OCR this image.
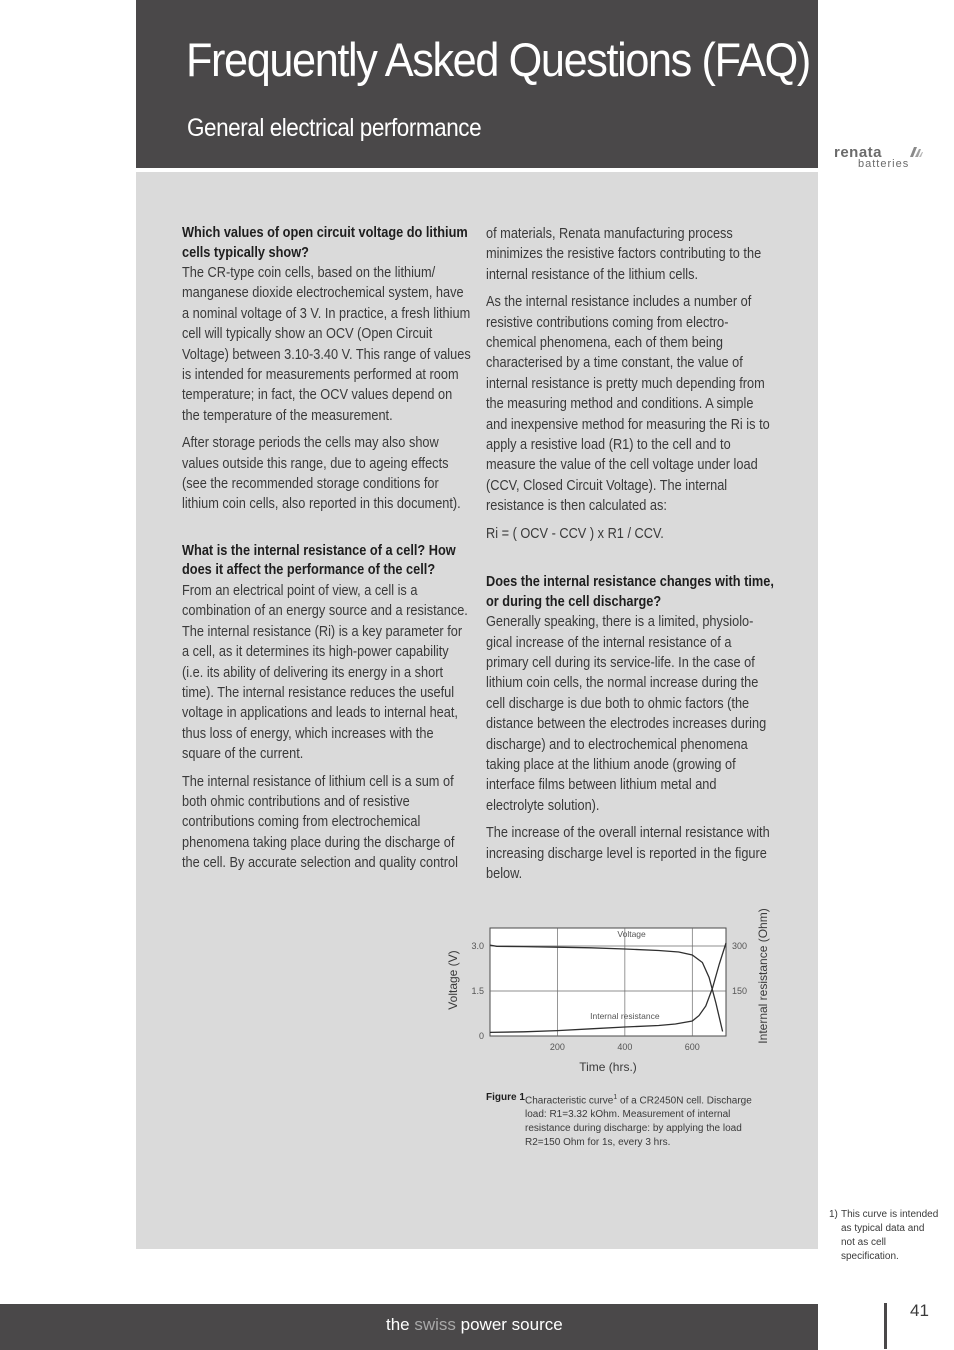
Frequently Asked Questions (FAQ)
General electrical performance
renata
batteries
Which values of open circuit voltage do lithium cells typically show?

The CR-type coin cells, based on the lithium/ manganese dioxide electrochemical system, have a nominal voltage of 3 V. In practice, a fresh lithium cell will typically show an OCV (Open Circuit Voltage) between 3.10-3.40 V. This range of values is intended for measurements performed at room temperature; in fact, the OCV values depend on the temperature of the measurement.

After storage periods the cells may also show values outside this range, due to ageing effects (see the recommended storage conditions for lithium coin cells, also reported in this document).

What is the internal resistance of a cell? How does it affect the performance of the cell?

From an electrical point of view, a cell is a combination of an energy source and a resistance. The internal resistance (Ri) is a key parameter for a cell, as it determines its high-power capability (i.e. its ability of delivering its energy in a short time). The internal resistance reduces the useful voltage in applications and leads to internal heat, thus loss of energy, which increases with the square of the current.

The internal resistance of lithium cell is a sum of both ohmic contributions and of resistive contributions coming from electrochemical phenomena taking place during the discharge of the cell. By accurate selection and quality control

of materials, Renata manufacturing process minimizes the resistive factors contributing to the internal resistance of the lithium cells.

As the internal resistance includes a number of resistive contributions coming from electro-chemical phenomena, each of them being characterised by a time constant, the value of internal resistance is pretty much depending from the measuring method and conditions. A simple and inexpensive method for measuring the Ri is to apply a resistive load (R1) to the cell and to measure the value of the cell voltage under load (CCV, Closed Circuit Voltage). The internal resistance is then calculated as:

Ri = ( OCV - CCV ) x R1 / CCV.

Does the internal resistance changes with time, or during the cell discharge?

Generally speaking, there is a limited, physiolo-gical increase of the internal resistance of a primary cell during its service-life. In the case of lithium coin cells, the normal increase during the cell discharge is due both to ohmic factors (the distance between the electrodes increases during discharge) and to electrochemical phenomena taking place at the lithium anode (growing of interface films between lithium metal and electrolyte solution).

The increase of the overall internal resistance with increasing discharge level is reported in the figure below.

200	400	600
0
1.5
3.0
150
300
Time (hrs.)
Voltage (V)	Internal resistance (Ohm)
Voltage
Internal resistance
Figure 1 Characteristic curve$^1$ of a CR2450N cell. Discharge load: R1=3.32 kOhm. Measurement of internal resistance during discharge: by applying the load R2=150 Ohm for 1s, every 3 hrs.
1) This curve is intended as typical data and not as cell specification.
the swiss power source
41
